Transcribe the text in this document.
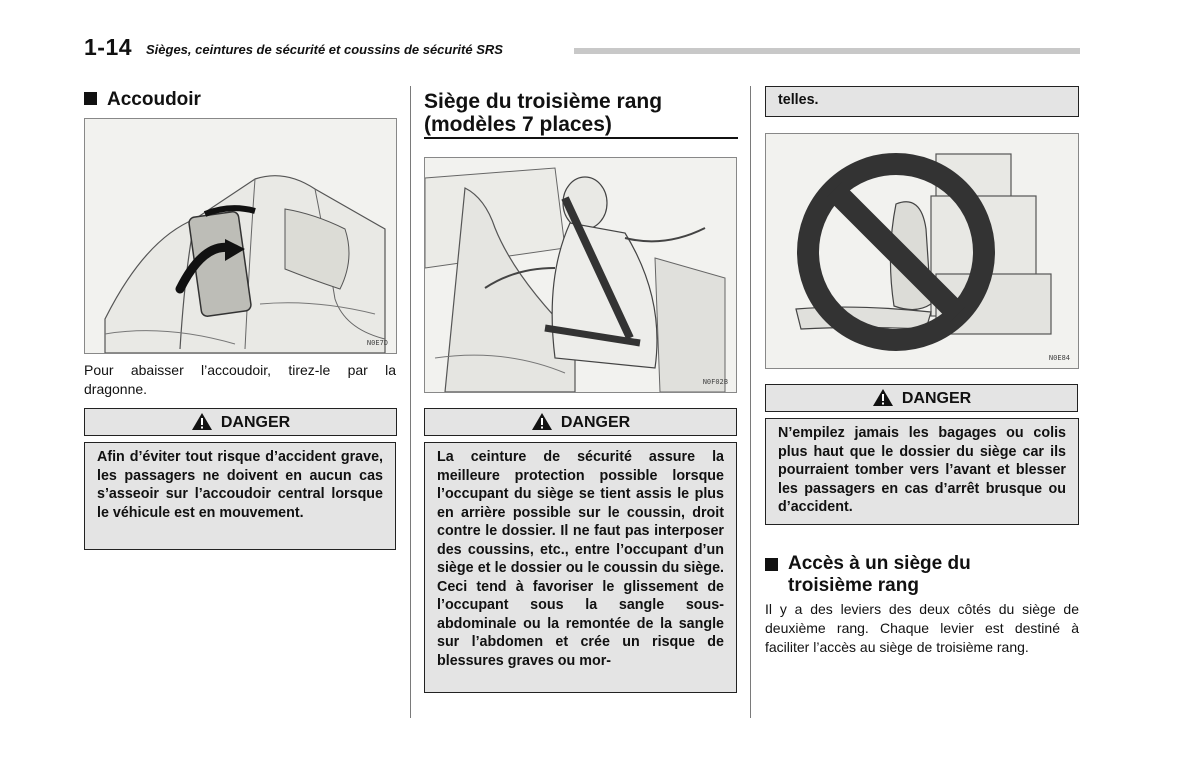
1-14 Sièges, ceintures de sécurité et coussins de sécurité SRS
Accoudoir
N0E7D
Pour abaisser l’accoudoir, tirez-le par la dragonne.
DANGER
Afin d’éviter tout risque d’accident grave, les passagers ne doivent en aucun cas s’asseoir sur l’accoudoir central lorsque le véhicule est en mouvement.
Siège du troisième rang (modèles 7 places)
N0F02B
DANGER
La ceinture de sécurité assure la meilleure protection possible lorsque l’occupant du siège se tient assis le plus en arrière possible sur le coussin, droit contre le dossier. Il ne faut pas interposer des coussins, etc., entre l’occupant d’un siège et le dossier ou le coussin du siège. Ceci tend à favoriser le glissement de l’occupant sous la sangle sous-abdominale ou la remontée de la sangle sur l’abdomen et crée un risque de blessures graves ou mor-
telles.
N0E84
DANGER
N’empilez jamais les bagages ou colis plus haut que le dossier du siège car ils pourraient tomber vers l’avant et blesser les passagers en cas d’arrêt brusque ou d’accident.
Accès à un siège du troisième rang
Il y a des leviers des deux côtés du siège de deuxième rang. Chaque levier est destiné à faciliter l’accès au siège de troisième rang.
